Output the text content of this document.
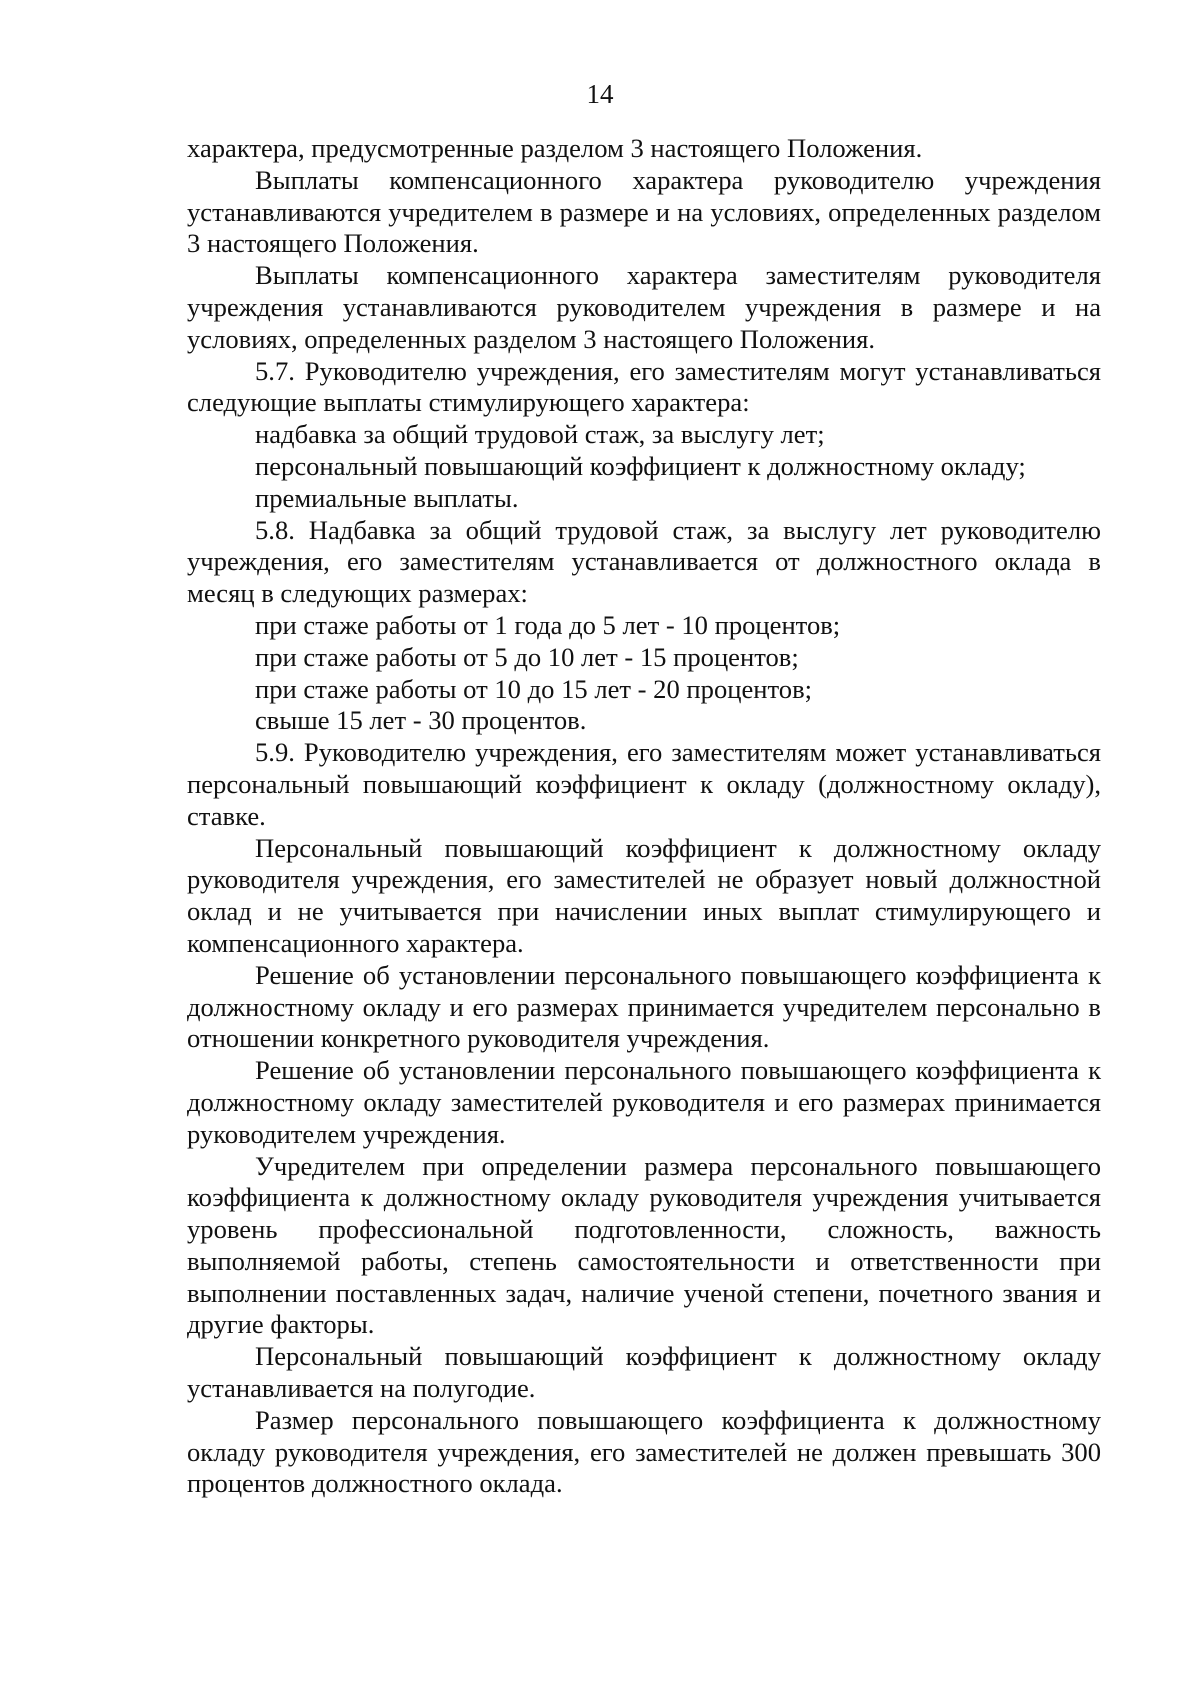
14

характера, предусмотренные разделом 3 настоящего Положения.

Выплаты компенсационного характера руководителю учреждения устанавливаются учредителем в размере и на условиях, определенных разделом 3 настоящего Положения.

Выплаты компенсационного характера заместителям руководителя учреждения устанавливаются руководителем учреждения в размере и на условиях, определенных разделом 3 настоящего Положения.

5.7. Руководителю учреждения, его заместителям могут устанавливаться следующие выплаты стимулирующего характера:

надбавка за общий трудовой стаж, за выслугу лет;

персональный повышающий коэффициент к должностному окладу;

премиальные выплаты.

5.8. Надбавка за общий трудовой стаж, за выслугу лет руководителю учреждения, его заместителям устанавливается от должностного оклада в месяц в следующих размерах:

при стаже работы от 1 года до 5 лет - 10 процентов;

при стаже работы от 5 до 10 лет - 15 процентов;

при стаже работы от 10 до 15 лет - 20 процентов;

свыше 15 лет - 30 процентов.

5.9. Руководителю учреждения, его заместителям может устанавливаться персональный повышающий коэффициент к окладу (должностному окладу), ставке.

Персональный повышающий коэффициент к должностному окладу руководителя учреждения, его заместителей не образует новый должностной оклад и не учитывается при начислении иных выплат стимулирующего и компенсационного характера.

Решение об установлении персонального повышающего коэффициента к должностному окладу и его размерах принимается учредителем персонально в отношении конкретного руководителя учреждения.

Решение об установлении персонального повышающего коэффициента к должностному окладу заместителей руководителя и его размерах принимается руководителем учреждения.

Учредителем при определении размера персонального повышающего коэффициента к должностному окладу руководителя учреждения учитывается уровень профессиональной подготовленности, сложность, важность выполняемой работы, степень самостоятельности и ответственности при выполнении поставленных задач, наличие ученой степени, почетного звания и другие факторы.

Персональный повышающий коэффициент к должностному окладу устанавливается на полугодие.

Размер персонального повышающего коэффициента к должностному окладу руководителя учреждения, его заместителей не должен превышать 300 процентов должностного оклада.
